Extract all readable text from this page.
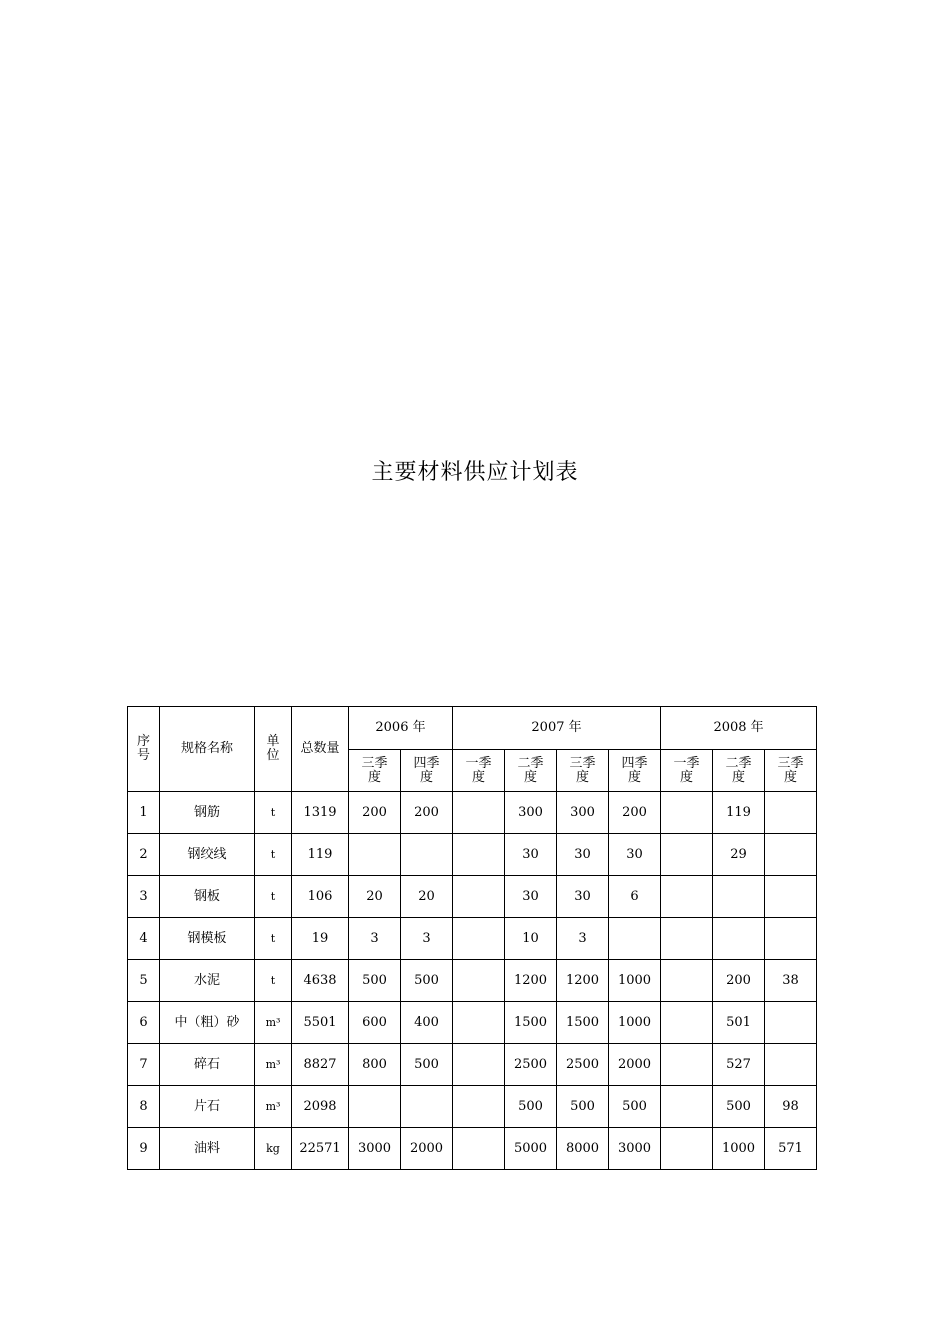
主要材料供应计划表
序号	规格名称	单位	总数量	2006 年		2007 年				2008 年		
				三季度	四季度	一季度	二季度	三季度	四季度	一季度	二季度	三季度
1	钢筋	t	1319	200	200		300	300	200		119	
2	钢绞线	t	119				30	30	30		29	
3	钢板	t	106	20	20		30	30	6			
4	钢模板	t	19	3	3		10	3				
5	水泥	t	4638	500	500		1200	1200	1000		200	38
6	中（粗）砂	m³	5501	600	400		1500	1500	1000		501	
7	碎石	m³	8827	800	500		2500	2500	2000		527	
8	片石	m³	2098				500	500	500		500	98
9	油料	kg	22571	3000	2000		5000	8000	3000		1000	571
